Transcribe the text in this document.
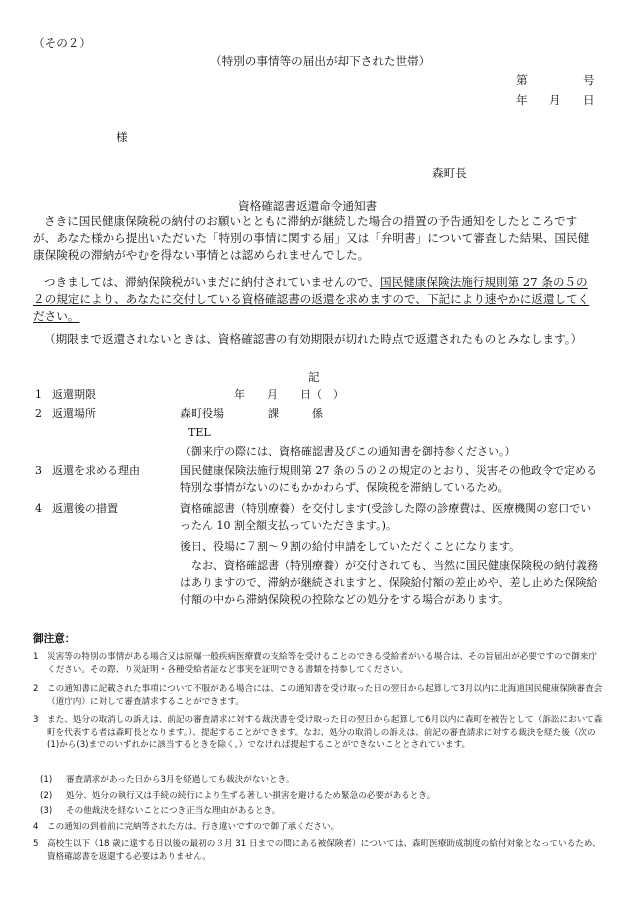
（その２）
（特別の事情等の届出が却下された世帯）
第	号
年 月 日
様
森町長
資格確認書返還命令通知書
さきに国民健康保険税の納付のお願いとともに滞納が継続した場合の措置の予告通知をしたところですが、あなた様から提出いただいた「特別の事情に関する届」又は「弁明書」について審査した結果、国民健康保険税の滞納がやむを得ない事情とは認められませんでした。
つきましては、滞納保険税がいまだに納付されていませんので、国民健康保険法施行規則第 27 条の５の２の規定により、あなたに交付している資格確認書の返還を求めますので、下記により速やかに返還してください。
（期限まで返還されないときは、資格確認書の有効期限が切れた時点で返還されたものとみなします。）
記
1 返還期限	年　　月　　日（　）
2 返還場所	森町役場　　　　課　　　係
TEL
（御来庁の際には、資格確認書及びこの通知書を御持参ください。）
3 返還を求める理由	国民健康保険法施行規則第 27 条の５の２の規定のとおり、災害その他政令で定める特別な事情がないのにもかかわらず、保険税を滞納しているため。
4 返還後の措置	資格確認書（特別療養）を交付します(受診した際の診療費は、医療機関の窓口でいったん 10 割全額支払っていただきます。)。
後日、役場に７割～９割の給付申請をしていただくことになります。
なお、資格確認書（特別療養）が交付されても、当然に国民健康保険税の納付義務はありますので、滞納が継続されますと、保険給付額の差止めや、差し止めた保険給付額の中から滞納保険税の控除などの処分をする場合があります。
御注意：
1 災害等の特別の事情がある場合又は原爆一般疾病医療費の支給等を受けることのできる受給者がいる場合は、その旨届出が必要ですので御来庁ください。その際、り災証明・各種受給者証など事実を証明できる書類を持参してください。
2 この通知書に記載された事項について不服がある場合には、この通知書を受け取った日の翌日から起算して3月以内に北海道国民健康保険審査会（道庁内）に対して審査請求することができます。
3 また、処分の取消しの訴えは、前記の審査請求に対する裁決書を受け取った日の翌日から起算して6月以内に森町を被告として（訴訟において森町を代表する者は森町長となります。）、提起することができます。なお、処分の取消しの訴えは、前記の審査請求に対する裁決を経た後（次の(1)から(3)までのいずれかに該当するときを除く。）でなければ提起することができないこととされています。
(1) 審査請求があった日から3月を経過しても裁決がないとき。
(2) 処分、処分の執行又は手続の続行により生ずる著しい損害を避けるため緊急の必要があるとき。
(3) その他裁決を経ないことにつき正当な理由があるとき。
4 この通知の到着前に完納等された方は、行き違いですので御了承ください。
5 高校生以下（18 歳に達する日以後の最初の３月 31 日までの間にある被保険者）については、森町医療助成制度の給付対象となっているため、資格確認書を返還する必要はありません。
